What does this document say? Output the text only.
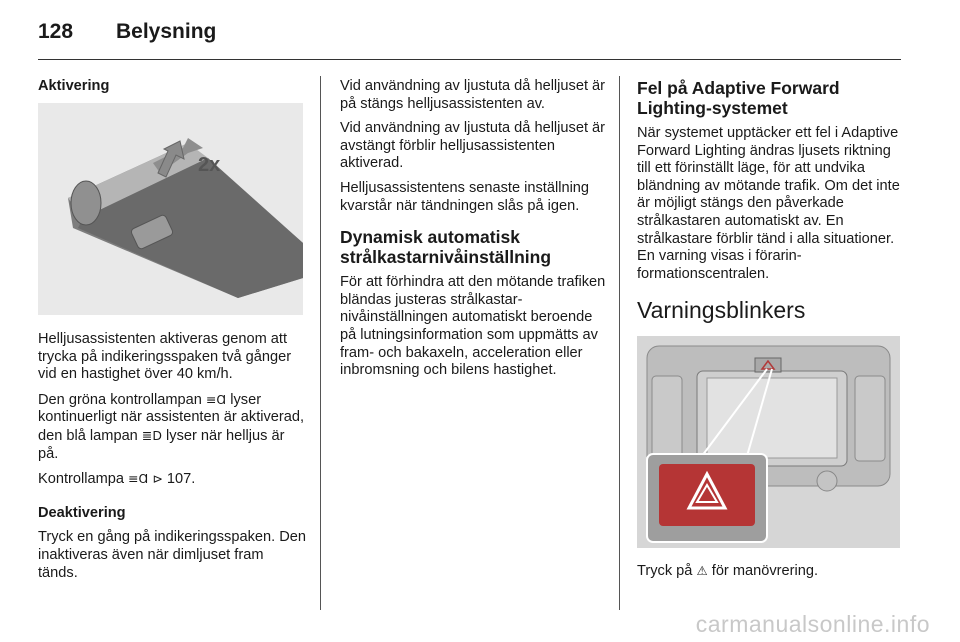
128 Belysning

Aktivering

2x

Helljusassistenten aktiveras genom att trycka på indikeringsspaken två gånger vid en hastighet över 40 km/h.

Den gröna kontrollampan ≡Ɑ lyser kontinuerligt när assistenten är aktiverad, den blå lampan ≣D lyser när helljus är på.

Kontrollampa ≡Ɑ ⊳ 107.

Deaktivering

Tryck en gång på indikeringsspaken. Den inaktiveras även när dimljuset fram tänds.

Vid användning av ljustuta då helljuset är på stängs helljusassistenten av.

Vid användning av ljustuta då helljuset är avstängt förblir helljusassistenten aktiverad.

Helljusassistentens senaste inställning kvarstår när tändningen slås på igen.

Dynamisk automatisk strålkastarnivåinställning

För att förhindra att den mötande trafiken bländas justeras strålkastarnivåinställningen automatiskt beroende på lutningsinformation som uppmätts av fram- och bakaxeln, acceleration eller inbromsning och bilens hastighet.

Fel på Adaptive Forward Lighting-systemet

När systemet upptäcker ett fel i Adaptive Forward Lighting ändras ljusets riktning till ett förinställt läge, för att undvika bländning av mötande trafik. Om det inte är möjligt stängs den påverkade strålkastaren automatiskt av. En strålkastare förblir tänd i alla situationer. En varning visas i förarinformationscentralen.

Varningsblinkers

Tryck på ⚠ för manövrering.

carmanualsonline.info
